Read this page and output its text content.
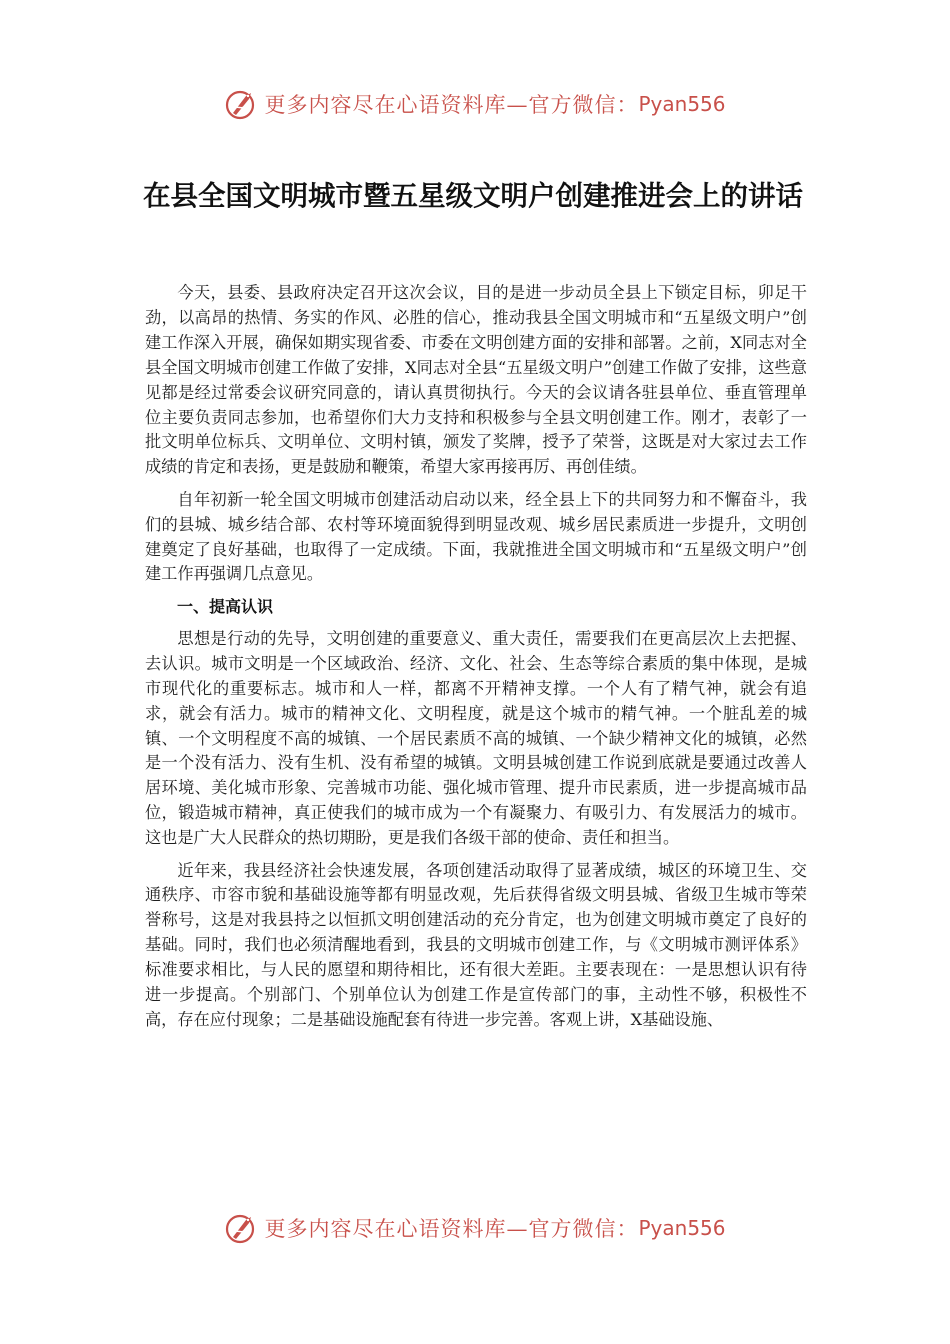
更多内容尽在心语资料库—官方微信： Pyan556
在县全国文明城市暨五星级文明户创建推进会上的讲话

今天，县委、县政府决定召开这次会议，目的是进一步动员全县上下锁定目标，卯足干劲，以高昂的热情、务实的作风、必胜的信心，推动我县全国文明城市和“五星级文明户”创建工作深入开展，确保如期实现省委、市委在文明创建方面的安排和部署。之前，X同志对全县全国文明城市创建工作做了安排，X同志对全县“五星级文明户”创建工作做了安排，这些意见都是经过常委会议研究同意的，请认真贯彻执行。今天的会议请各驻县单位、垂直管理单位主要负责同志参加，也希望你们大力支持和积极参与全县文明创建工作。刚才，表彰了一批文明单位标兵、文明单位、文明村镇，颁发了奖牌，授予了荣誉，这既是对大家过去工作成绩的肯定和表扬，更是鼓励和鞭策，希望大家再接再厉、再创佳绩。

自年初新一轮全国文明城市创建活动启动以来，经全县上下的共同努力和不懈奋斗，我们的县城、城乡结合部、农村等环境面貌得到明显改观、城乡居民素质进一步提升，文明创建奠定了良好基础，也取得了一定成绩。下面，我就推进全国文明城市和“五星级文明户”创建工作再强调几点意见。

一、提高认识

思想是行动的先导，文明创建的重要意义、重大责任，需要我们在更高层次上去把握、去认识。城市文明是一个区域政治、经济、文化、社会、生态等综合素质的集中体现，是城市现代化的重要标志。城市和人一样，都离不开精神支撑。一个人有了精气神，就会有追求，就会有活力。城市的精神文化、文明程度，就是这个城市的精气神。一个脏乱差的城镇、一个文明程度不高的城镇、一个居民素质不高的城镇、一个缺少精神文化的城镇，必然是一个没有活力、没有生机、没有希望的城镇。文明县城创建工作说到底就是要通过改善人居环境、美化城市形象、完善城市功能、强化城市管理、提升市民素质，进一步提高城市品位，锻造城市精神，真正使我们的城市成为一个有凝聚力、有吸引力、有发展活力的城市。这也是广大人民群众的热切期盼，更是我们各级干部的使命、责任和担当。

近年来，我县经济社会快速发展，各项创建活动取得了显著成绩，城区的环境卫生、交通秩序、市容市貌和基础设施等都有明显改观，先后获得省级文明县城、省级卫生城市等荣誉称号，这是对我县持之以恒抓文明创建活动的充分肯定，也为创建文明城市奠定了良好的基础。同时，我们也必须清醒地看到，我县的文明城市创建工作，与《文明城市测评体系》标准要求相比，与人民的愿望和期待相比，还有很大差距。主要表现在：一是思想认识有待进一步提高。个别部门、个别单位认为创建工作是宣传部门的事，主动性不够，积极性不高，存在应付现象；二是基础设施配套有待进一步完善。客观上讲，X基础设施、

更多内容尽在心语资料库—官方微信： Pyan556
